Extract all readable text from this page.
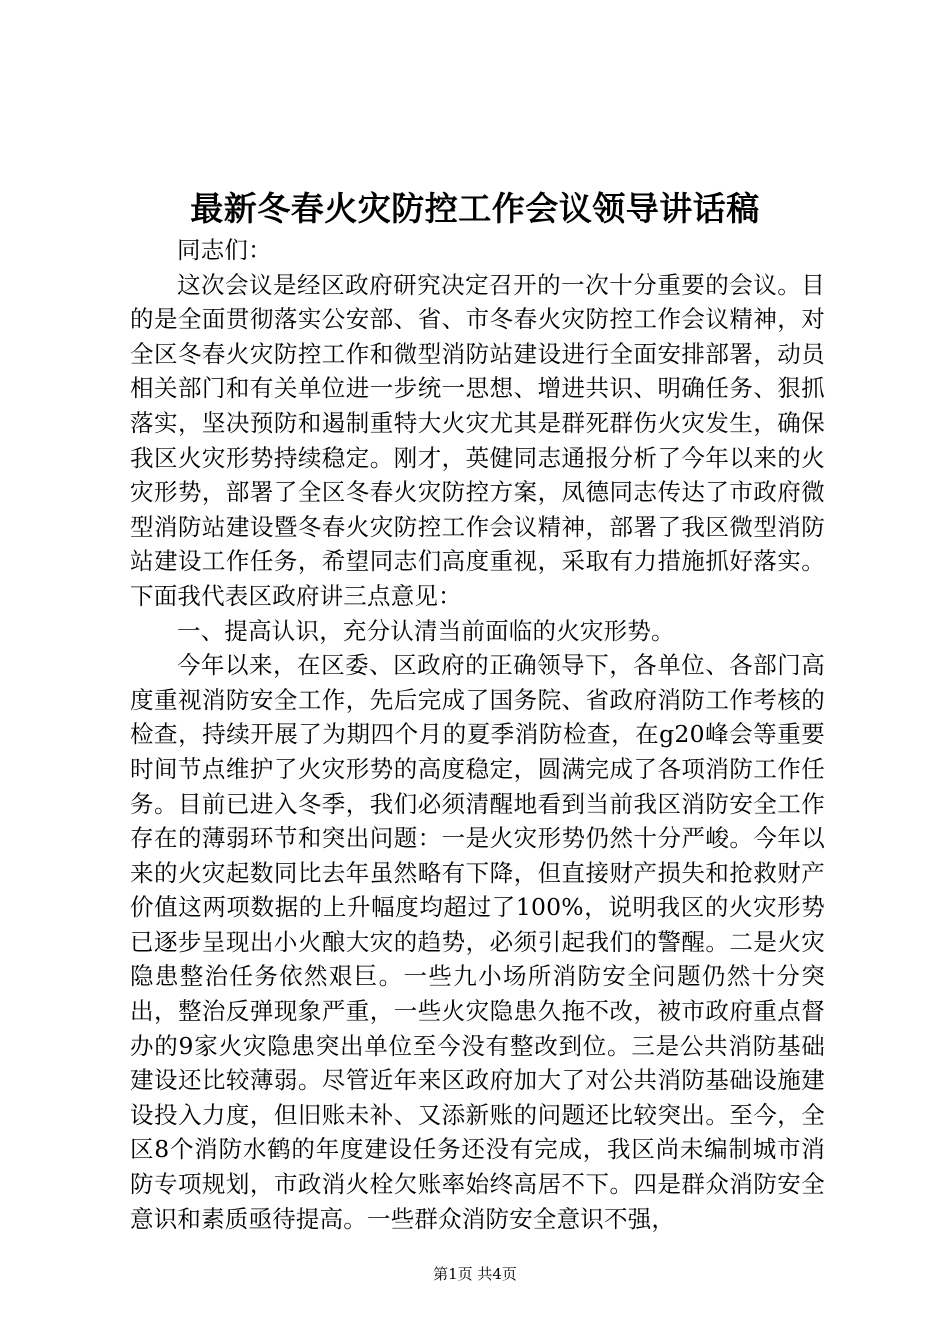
最新冬春火灾防控工作会议领导讲话稿

同志们：

这次会议是经区政府研究决定召开的一次十分重要的会议。目的是全面贯彻落实公安部、省、市冬春火灾防控工作会议精神，对全区冬春火灾防控工作和微型消防站建设进行全面安排部署，动员相关部门和有关单位进一步统一思想、增进共识、明确任务、狠抓落实，坚决预防和遏制重特大火灾尤其是群死群伤火灾发生，确保我区火灾形势持续稳定。刚才，英健同志通报分析了今年以来的火灾形势，部署了全区冬春火灾防控方案，凤德同志传达了市政府微型消防站建设暨冬春火灾防控工作会议精神，部署了我区微型消防站建设工作任务，希望同志们高度重视，采取有力措施抓好落实。下面我代表区政府讲三点意见：

一、提高认识，充分认清当前面临的火灾形势。

今年以来，在区委、区政府的正确领导下，各单位、各部门高度重视消防安全工作，先后完成了国务院、省政府消防工作考核的检查，持续开展了为期四个月的夏季消防检查，在g20峰会等重要时间节点维护了火灾形势的高度稳定，圆满完成了各项消防工作任务。目前已进入冬季，我们必须清醒地看到当前我区消防安全工作存在的薄弱环节和突出问题：一是火灾形势仍然十分严峻。今年以来的火灾起数同比去年虽然略有下降，但直接财产损失和抢救财产价值这两项数据的上升幅度均超过了100%，说明我区的火灾形势已逐步呈现出小火酿大灾的趋势，必须引起我们的警醒。二是火灾隐患整治任务依然艰巨。一些九小场所消防安全问题仍然十分突出，整治反弹现象严重，一些火灾隐患久拖不改，被市政府重点督办的9家火灾隐患突出单位至今没有整改到位。三是公共消防基础建设还比较薄弱。尽管近年来区政府加大了对公共消防基础设施建设投入力度，但旧账未补、又添新账的问题还比较突出。至今，全区8个消防水鹤的年度建设任务还没有完成，我区尚未编制城市消防专项规划，市政消火栓欠账率始终高居不下。四是群众消防安全意识和素质亟待提高。一些群众消防安全意识不强，

第1页 共4页
